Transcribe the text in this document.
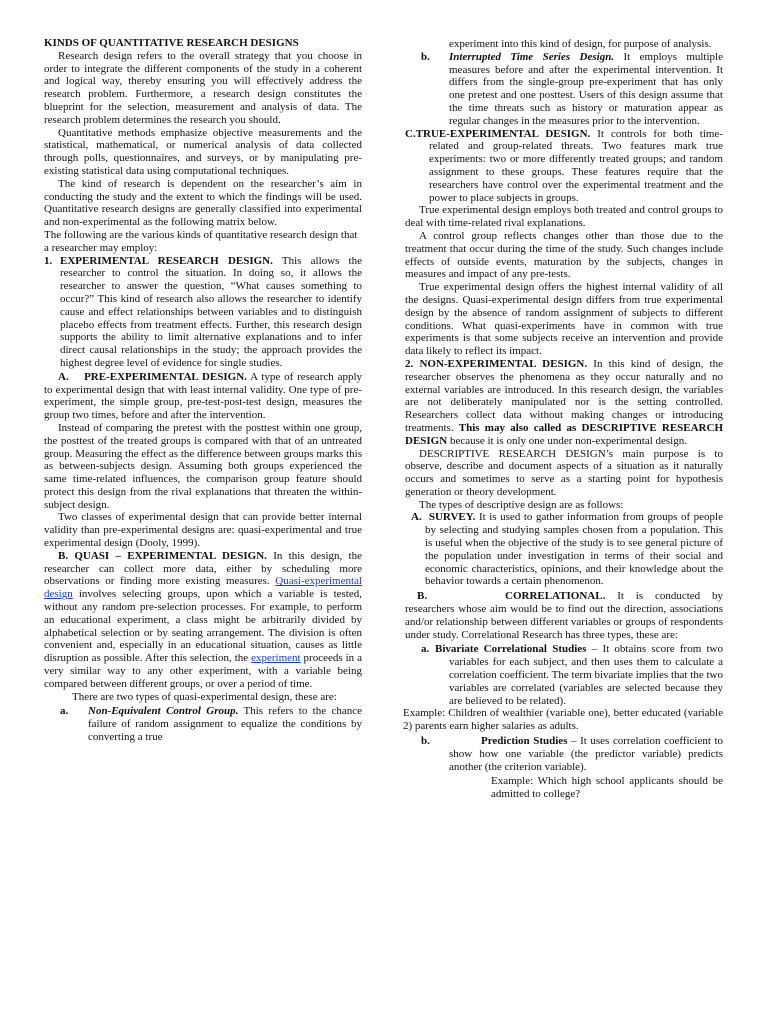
KINDS OF QUANTITATIVE RESEARCH DESIGNS

Research design refers to the overall strategy that you choose in order to integrate the different components of the study in a coherent and logical way, thereby ensuring you will effectively address the research problem. Furthermore, a research design constitutes the blueprint for the selection, measurement and analysis of data. The research problem determines the research you should.

Quantitative methods emphasize objective measurements and the statistical, mathematical, or numerical analysis of data collected through polls, questionnaires, and surveys, or by manipulating pre-existing statistical data using computational techniques.

The kind of research is dependent on the researcher’s aim in conducting the study and the extent to which the findings will be used. Quantitative research designs are generally classified into experimental and non-experimental as the following matrix below.

The following are the various kinds of quantitative research design that a researcher may employ:

1. EXPERIMENTAL RESEARCH DESIGN. This allows the researcher to control the situation. In doing so, it allows the researcher to answer the question, “What causes something to occur?” This kind of research also allows the researcher to identify cause and effect relationships between variables and to distinguish placebo effects from treatment effects. Further, this research design supports the ability to limit alternative explanations and to infer direct causal relationships in the study; the approach provides the highest degree level of evidence for single studies.

A. PRE-EXPERIMENTAL DESIGN. A type of research apply to experimental design that with least internal validity. One type of pre-experiment, the simple group, pre-test-post-test design, measures the group two times, before and after the intervention.

Instead of comparing the pretest with the posttest within one group, the posttest of the treated groups is compared with that of an untreated group. Measuring the effect as the difference between groups marks this as between-subjects design. Assuming both groups experienced the same time-related influences, the comparison group feature should protect this design from the rival explanations that threaten the within-subject design.

Two classes of experimental design that can provide better internal validity than pre-experimental designs are: quasi-experimental and true experimental design (Dooly, 1999).

B. QUASI – EXPERIMENTAL DESIGN. In this design, the researcher can collect more data, either by scheduling more observations or finding more existing measures. Quasi-experimental design involves selecting groups, upon which a variable is tested, without any random pre-selection processes. For example, to perform an educational experiment, a class might be arbitrarily divided by alphabetical selection or by seating arrangement. The division is often convenient and, especially in an educational situation, causes as little disruption as possible. After this selection, the experiment proceeds in a very similar way to any other experiment, with a variable being compared between different groups, or over a period of time.

There are two types of quasi-experimental design, these are:

a. Non-Equivalent Control Group. This refers to the chance failure of random assignment to equalize the conditions by converting a true

experiment into this kind of design, for purpose of analysis.

b. Interrupted Time Series Design. It employs multiple measures before and after the experimental intervention. It differs from the single-group pre-experiment that has only one pretest and one posttest. Users of this design assume that the time threats such as history or maturation appear as regular changes in the measures prior to the intervention.

C.TRUE-EXPERIMENTAL DESIGN. It controls for both time-related and group-related threats. Two features mark true experiments: two or more differently treated groups; and random assignment to these groups. These features require that the researchers have control over the experimental treatment and the power to place subjects in groups.

True experimental design employs both treated and control groups to deal with time-related rival explanations.

A control group reflects changes other than those due to the treatment that occur during the time of the study. Such changes include effects of outside events, maturation by the subjects, changes in measures and impact of any pre-tests.

True experimental design offers the highest internal validity of all the designs. Quasi-experimental design differs from true experimental design by the absence of random assignment of subjects to different conditions. What quasi-experiments have in common with true experiments is that some subjects receive an intervention and provide data likely to reflect its impact.

2. NON-EXPERIMENTAL DESIGN. In this kind of design, the researcher observes the phenomena as they occur naturally and no external variables are introduced. In this research design, the variables are not deliberately manipulated nor is the setting controlled. Researchers collect data without making changes or introducing treatments. This may also called as DESCRIPTIVE RESEARCH DESIGN because it is only one under non-experimental design.

DESCRIPTIVE RESEARCH DESIGN’s main purpose is to observe, describe and document aspects of a situation as it naturally occurs and sometimes to serve as a starting point for hypothesis generation or theory development.

The types of descriptive design are as follows:

A. SURVEY. It is used to gather information from groups of people by selecting and studying samples chosen from a population. This is useful when the objective of the study is to see general picture of the population under investigation in terms of their social and economic characteristics, opinions, and their knowledge about the behavior towards a certain phenomenon.

B.	CORRELATIONAL. It is conducted by researchers whose aim would be to find out the direction, associations and/or relationship between different variables or groups of respondents under study. Correlational Research has three types, these are:

a. Bivariate Correlational Studies – It obtains score from two variables for each subject, and then uses them to calculate a correlation coefficient. The term bivariate implies that the two variables are correlated (variables are selected because they are believed to be related).

Example: Children of wealthier (variable one), better educated (variable 2) parents earn higher salaries as adults.

b.	Prediction Studies – It uses correlation coefficient to show how one variable (the predictor variable) predicts another (the criterion variable).

Example: Which high school applicants should be admitted to college?
